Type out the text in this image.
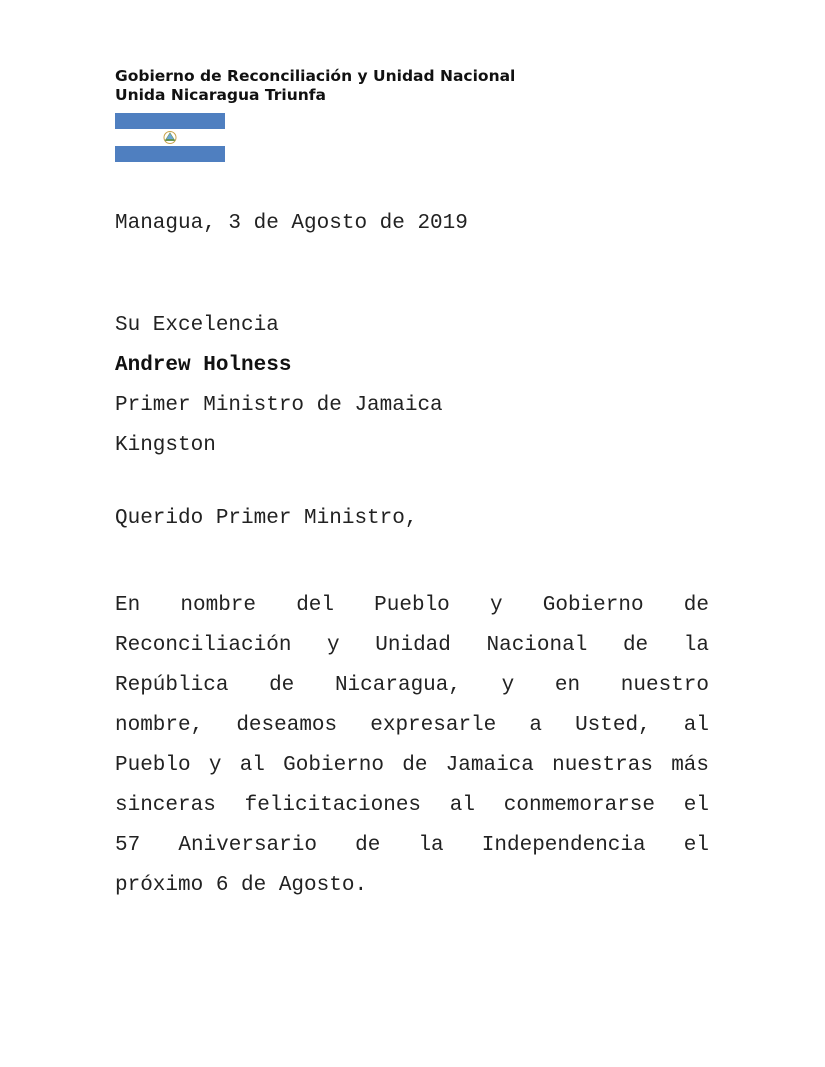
Gobierno de Reconciliación y Unidad Nacional
Unida Nicaragua Triunfa
Managua, 3 de Agosto de 2019
Su Excelencia
Andrew Holness
Primer Ministro de Jamaica
Kingston
Querido Primer Ministro,
En nombre del Pueblo y Gobierno de
Reconciliación y Unidad Nacional de la
República de Nicaragua, y en nuestro
nombre, deseamos expresarle a Usted, al
Pueblo y al Gobierno de Jamaica nuestras más
sinceras felicitaciones al conmemorarse el
57 Aniversario de la Independencia el
próximo 6 de Agosto.
